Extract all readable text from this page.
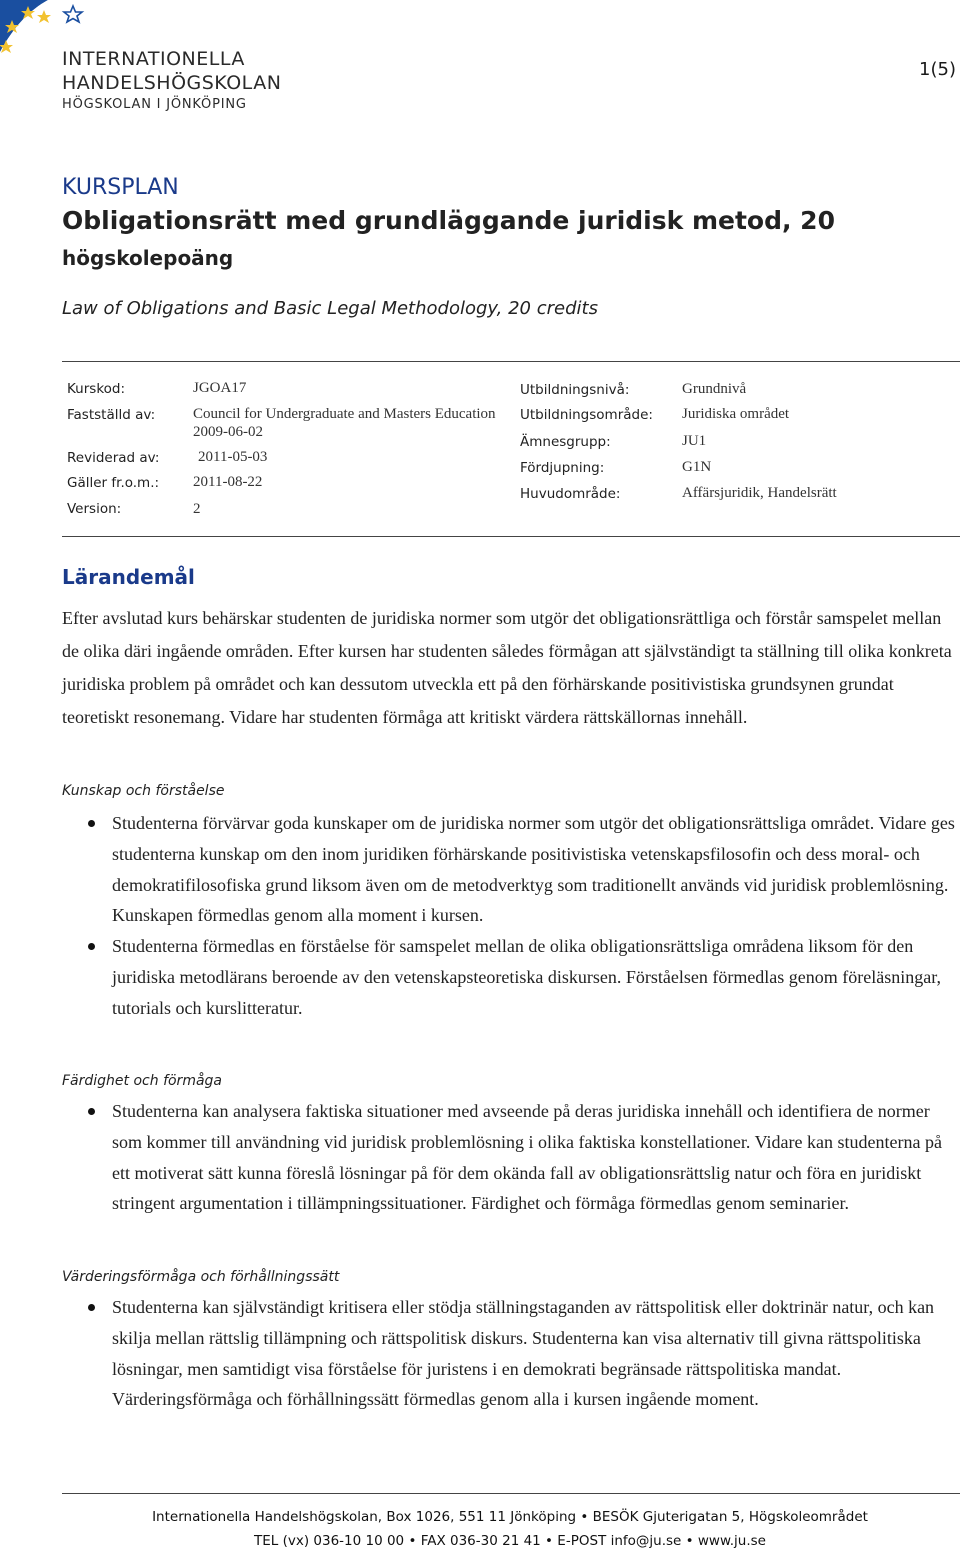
INTERNATIONELLA
HANDELSHÖGSKOLAN
HÖGSKOLAN I JÖNKÖPING
1(5)
KURSPLAN
Obligationsrätt med grundläggande juridisk metod, 20
högskolepoäng
Law of Obligations and Basic Legal Methodology, 20 credits
Kurskod:	JGOA17
Fastställd av:	Council for Undergraduate and Masters Education
2009-06-02
Reviderad av:	2011-05-03
Gäller fr.o.m.: 2011-08-22
Version:	2
Utbildningsnivå:	Grundnivå
Utbildningsområde: Juridiska området
Ämnesgrupp:	JU1
Fördjupning:	G1N
Huvudområde:	Affärsjuridik, Handelsrätt
Lärandemål

Efter avslutad kurs behärskar studenten de juridiska normer som utgör det obligationsrättliga och förstår samspelet mellan de olika däri ingående områden. Efter kursen har studenten således förmågan att självständigt ta ställning till olika konkreta juridiska problem på området och kan dessutom utveckla ett på den förhärskande positivistiska grundsynen grundat teoretiskt resonemang. Vidare har studenten förmåga att kritiskt värdera rättskällornas innehåll.

Kunskap och förståelse
Studenterna förvärvar goda kunskaper om de juridiska normer som utgör det obligationsrättsliga området. Vidare ges studenterna kunskap om den inom juridiken förhärskande positivistiska vetenskapsfilosofin och dess moral- och demokratifilosofiska grund liksom även om de metodverktyg som traditionellt används vid juridisk problemlösning. Kunskapen förmedlas genom alla moment i kursen.
Studenterna förmedlas en förståelse för samspelet mellan de olika obligationsrättsliga områdena liksom för den juridiska metodlärans beroende av den vetenskapsteoretiska diskursen. Förståelsen förmedlas genom föreläsningar, tutorials och kurslitteratur.
Färdighet och förmåga
Studenterna kan analysera faktiska situationer med avseende på deras juridiska innehåll och identifiera de normer som kommer till användning vid juridisk problemlösning i olika faktiska konstellationer. Vidare kan studenterna på ett motiverat sätt kunna föreslå lösningar på för dem okända fall av obligationsrättslig natur och föra en juridiskt stringent argumentation i tillämpningssituationer. Färdighet och förmåga förmedlas genom seminarier.
Värderingsförmåga och förhållningssätt
Studenterna kan självständigt kritisera eller stödja ställningstaganden av rättspolitisk eller doktrinär natur, och kan skilja mellan rättslig tillämpning och rättspolitisk diskurs. Studenterna kan visa alternativ till givna rättspolitiska lösningar, men samtidigt visa förståelse för juristens i en demokrati begränsade rättspolitiska mandat. Värderingsförmåga och förhållningssätt förmedlas genom alla i kursen ingående moment.
Internationella Handelshögskolan, Box 1026, 551 11 Jönköping • BESÖK Gjuterigatan 5, Högskoleområdet
TEL (vx) 036-10 10 00 • FAX 036-30 21 41 • E-POST info@ju.se • www.ju.se
